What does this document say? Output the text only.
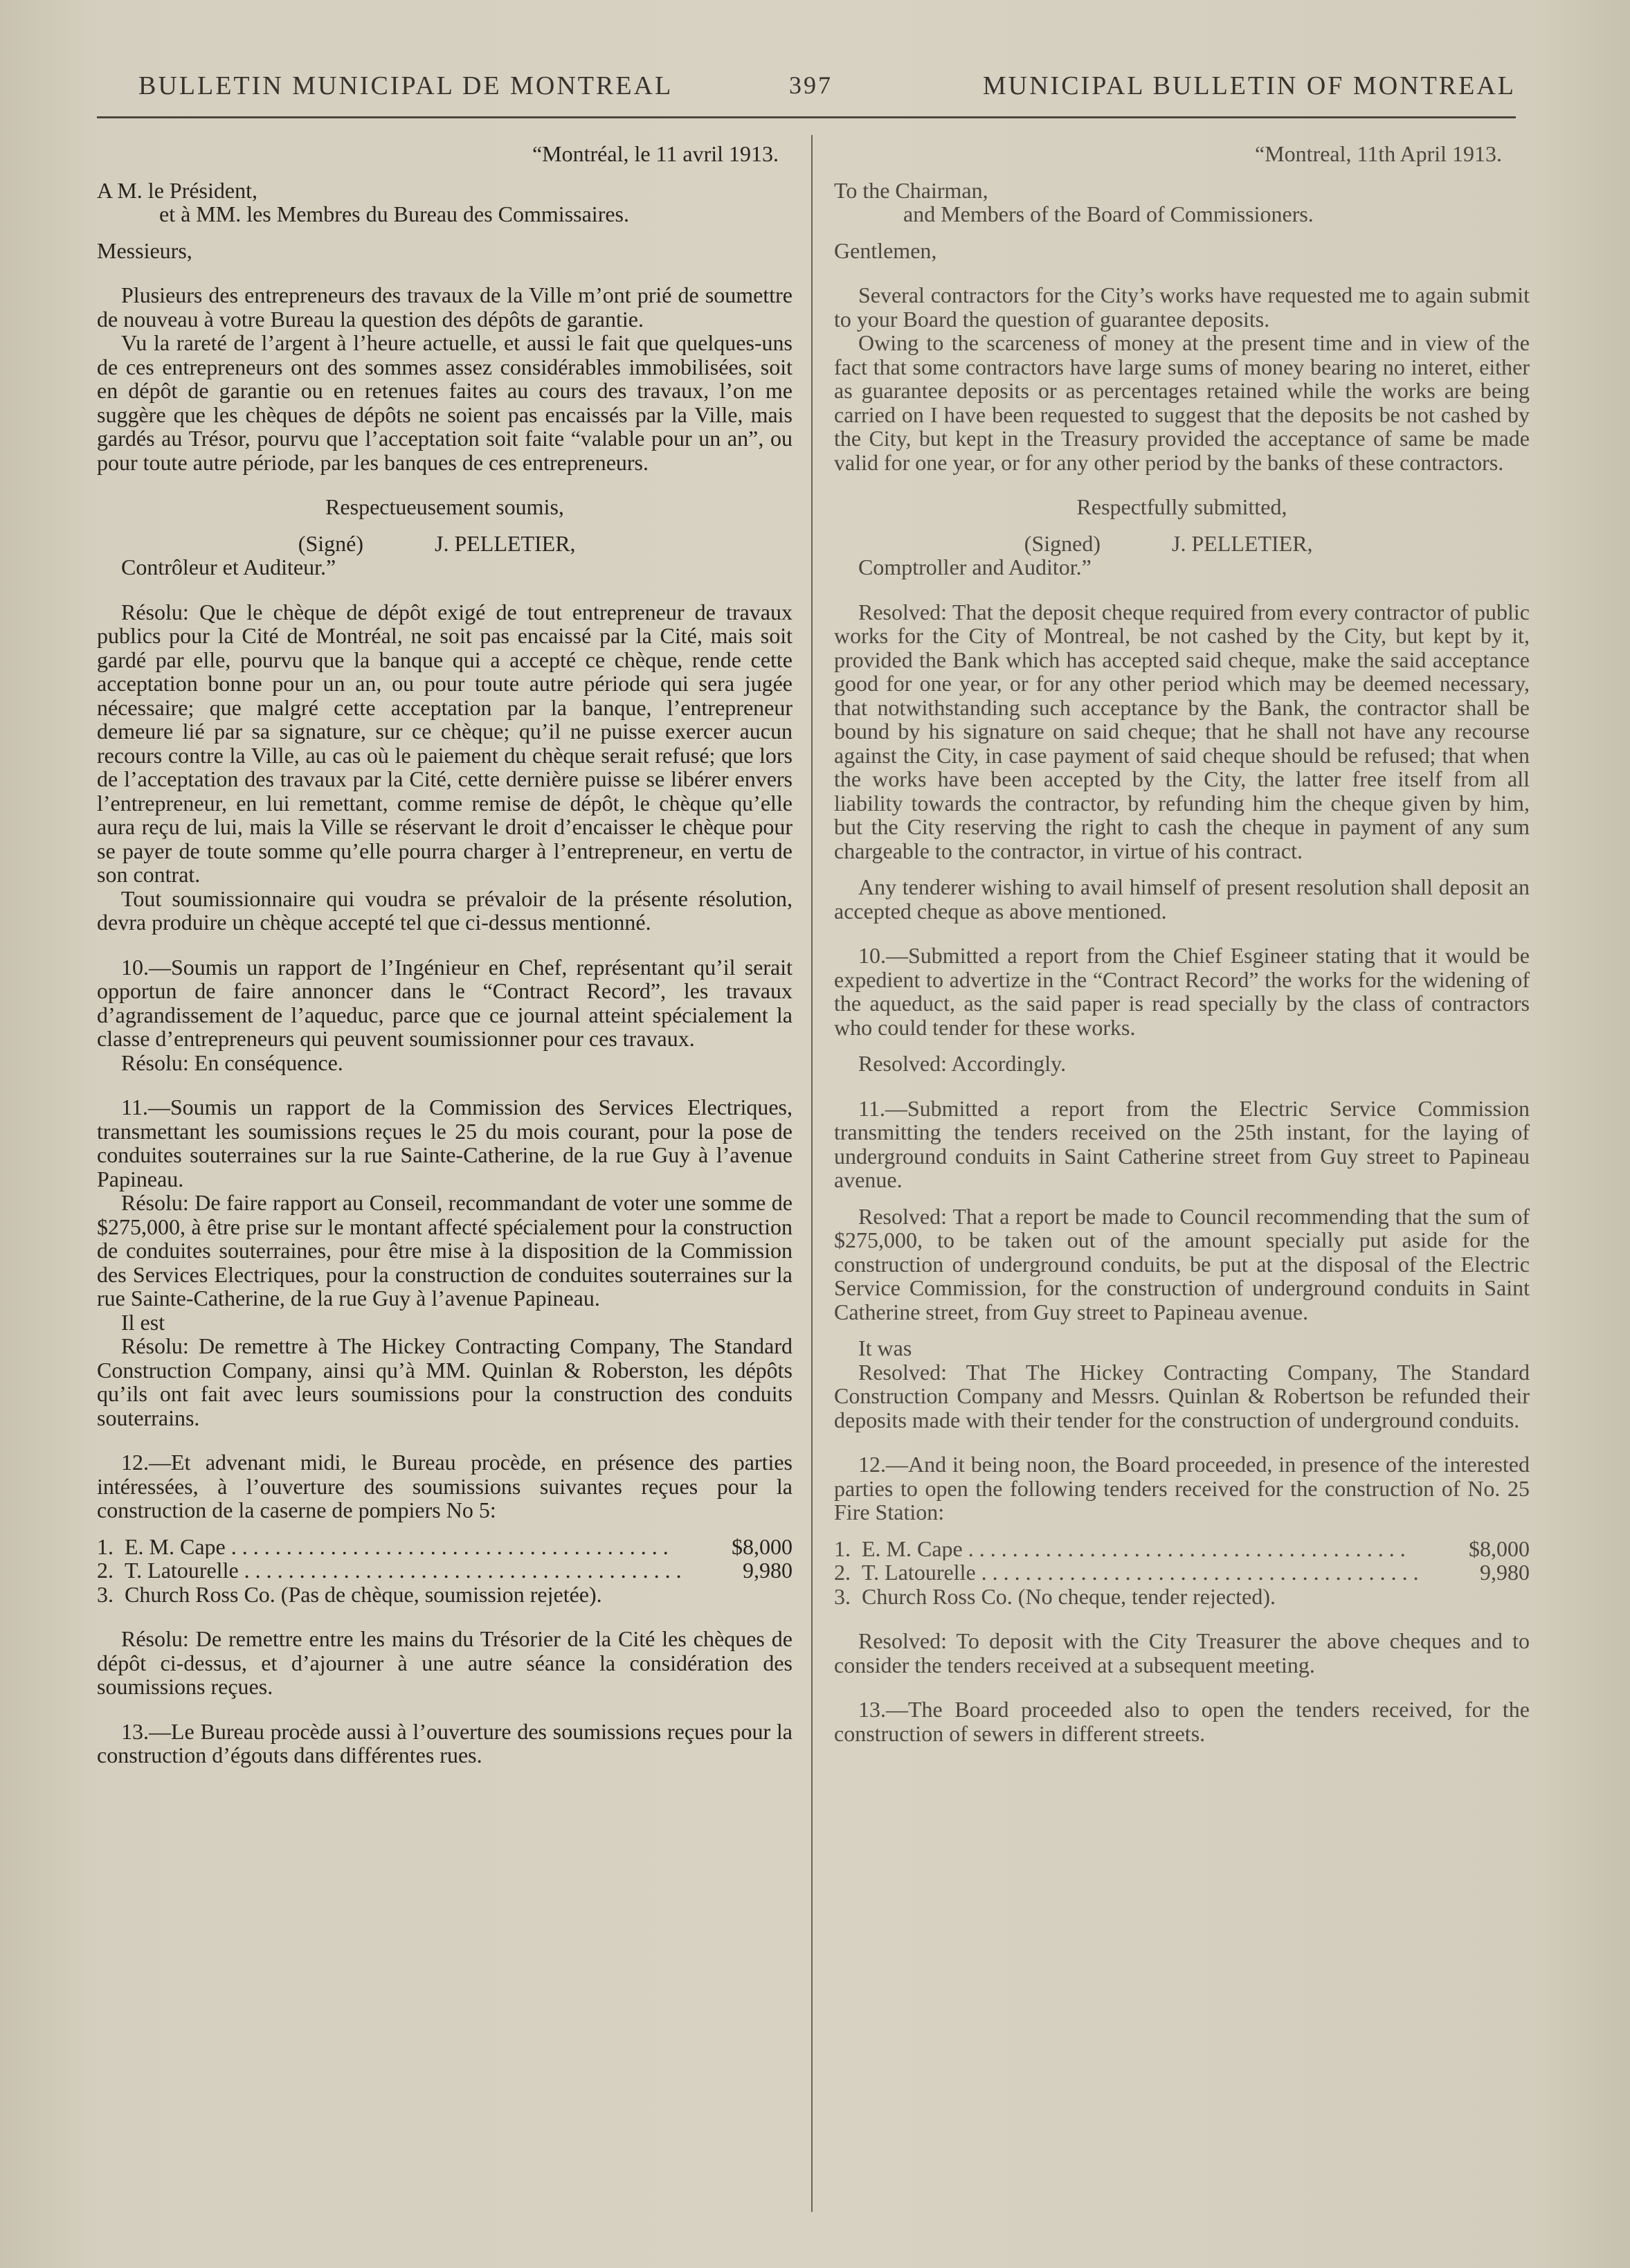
BULLETIN MUNICIPAL DE MONTREAL	397	MUNICIPAL BULLETIN OF MONTREAL

“Montréal, le 11 avril 1913.

A M. le Président,

et à MM. les Membres du Bureau des Commissaires.

Messieurs,

Plusieurs des entrepreneurs des travaux de la Ville m’ont prié de soumettre de nouveau à votre Bureau la question des dépôts de garantie.

Vu la rareté de l’argent à l’heure actuelle, et aussi le fait que quelques-uns de ces entrepreneurs ont des sommes assez considérables immobilisées, soit en dépôt de garantie ou en retenues faites au cours des travaux, l’on me suggère que les chèques de dépôts ne soient pas encaissés par la Ville, mais gardés au Trésor, pourvu que l’acceptation soit faite “valable pour un an”, ou pour toute autre période, par les banques de ces entrepreneurs.

Respectueusement soumis,

(Signé)	J. PELLETIER,

Contrôleur et Auditeur.”

Résolu: Que le chèque de dépôt exigé de tout entrepreneur de travaux publics pour la Cité de Montréal, ne soit pas encaissé par la Cité, mais soit gardé par elle, pourvu que la banque qui a accepté ce chèque, rende cette acceptation bonne pour un an, ou pour toute autre période qui sera jugée nécessaire; que malgré cette acceptation par la banque, l’entrepreneur demeure lié par sa signature, sur ce chèque; qu’il ne puisse exercer aucun recours contre la Ville, au cas où le paiement du chèque serait refusé; que lors de l’acceptation des travaux par la Cité, cette dernière puisse se libérer envers l’entrepreneur, en lui remettant, comme remise de dépôt, le chèque qu’elle aura reçu de lui, mais la Ville se réservant le droit d’encaisser le chèque pour se payer de toute somme qu’elle pourra charger à l’entrepreneur, en vertu de son contrat.

Tout soumissionnaire qui voudra se prévaloir de la présente résolution, devra produire un chèque accepté tel que ci-dessus mentionné.

10.—Soumis un rapport de l’Ingénieur en Chef, représentant qu’il serait opportun de faire annoncer dans le “Contract Record”, les travaux d’agrandissement de l’aqueduc, parce que ce journal atteint spécialement la classe d’entrepreneurs qui peuvent soumissionner pour ces travaux.

Résolu: En conséquence.

11.—Soumis un rapport de la Commission des Services Electriques, transmettant les soumissions reçues le 25 du mois courant, pour la pose de conduites souterraines sur la rue Sainte-Catherine, de la rue Guy à l’avenue Papineau.

Résolu: De faire rapport au Conseil, recommandant de voter une somme de $275,000, à être prise sur le montant affecté spécialement pour la construction de conduites souterraines, pour être mise à la disposition de la Commission des Services Electriques, pour la construction de conduites souterraines sur la rue Sainte-Catherine, de la rue Guy à l’avenue Papineau.

Il est

Résolu: De remettre à The Hickey Contracting Company, The Standard Construction Company, ainsi qu’à MM. Quinlan & Roberston, les dépôts qu’ils ont fait avec leurs soumissions pour la construction des conduits souterrains.

12.—Et advenant midi, le Bureau procède, en présence des parties intéressées, à l’ouverture des soumissions suivantes reçues pour la construction de la caserne de pompiers No 5:

1. E. M. Cape . . .	$8,000
2. T. Latourelle . . .	9,980
3. Church Ross Co. (Pas de chèque, soumission rejetée).

Résolu: De remettre entre les mains du Trésorier de la Cité les chèques de dépôt ci-dessus, et d’ajourner à une autre séance la considération des soumissions reçues.

13.—Le Bureau procède aussi à l’ouverture des soumissions reçues pour la construction d’égouts dans différentes rues.

“Montreal, 11th April 1913.

To the Chairman,

and Members of the Board of Commissioners.

Gentlemen,

Several contractors for the City’s works have requested me to again submit to your Board the question of guarantee deposits.

Owing to the scarceness of money at the present time and in view of the fact that some contractors have large sums of money bearing no interet, either as guarantee deposits or as percentages retained while the works are being carried on I have been requested to suggest that the deposits be not cashed by the City, but kept in the Treasury provided the acceptance of same be made valid for one year, or for any other period by the banks of these contractors.

Respectfully submitted,

(Signed)	J. PELLETIER,

Comptroller and Auditor.”

Resolved: That the deposit cheque required from every contractor of public works for the City of Montreal, be not cashed by the City, but kept by it, provided the Bank which has accepted said cheque, make the said acceptance good for one year, or for any other period which may be deemed necessary, that notwithstanding such acceptance by the Bank, the contractor shall be bound by his signature on said cheque; that he shall not have any recourse against the City, in case payment of said cheque should be refused; that when the works have been accepted by the City, the latter free itself from all liability towards the contractor, by refunding him the cheque given by him, but the City reserving the right to cash the cheque in payment of any sum chargeable to the contractor, in virtue of his contract.

Any tenderer wishing to avail himself of present resolution shall deposit an accepted cheque as above mentioned.

10.—Submitted a report from the Chief Esgineer stating that it would be expedient to advertize in the “Contract Record” the works for the widening of the aqueduct, as the said paper is read specially by the class of contractors who could tender for these works.

Resolved: Accordingly.

11.—Submitted a report from the Electric Service Commission transmitting the tenders received on the 25th instant, for the laying of underground conduits in Saint Catherine street from Guy street to Papineau avenue.

Resolved: That a report be made to Council recommending that the sum of $275,000, to be taken out of the amount specially put aside for the construction of underground conduits, be put at the disposal of the Electric Service Commission, for the construction of underground conduits in Saint Catherine street, from Guy street to Papineau avenue.

It was

Resolved: That The Hickey Contracting Company, The Standard Construction Company and Messrs. Quinlan & Robertson be refunded their deposits made with their tender for the construction of underground conduits.

12.—And it being noon, the Board proceeded, in presence of the interested parties to open the following tenders received for the construction of No. 25 Fire Station:

1. E. M. Cape . . .	$8,000
2. T. Latourelle . . .	9,980
3. Church Ross Co. (No cheque, tender rejected).

Resolved: To deposit with the City Treasurer the above cheques and to consider the tenders received at a subsequent meeting.

13.—The Board proceeded also to open the tenders received, for the construction of sewers in different streets.
